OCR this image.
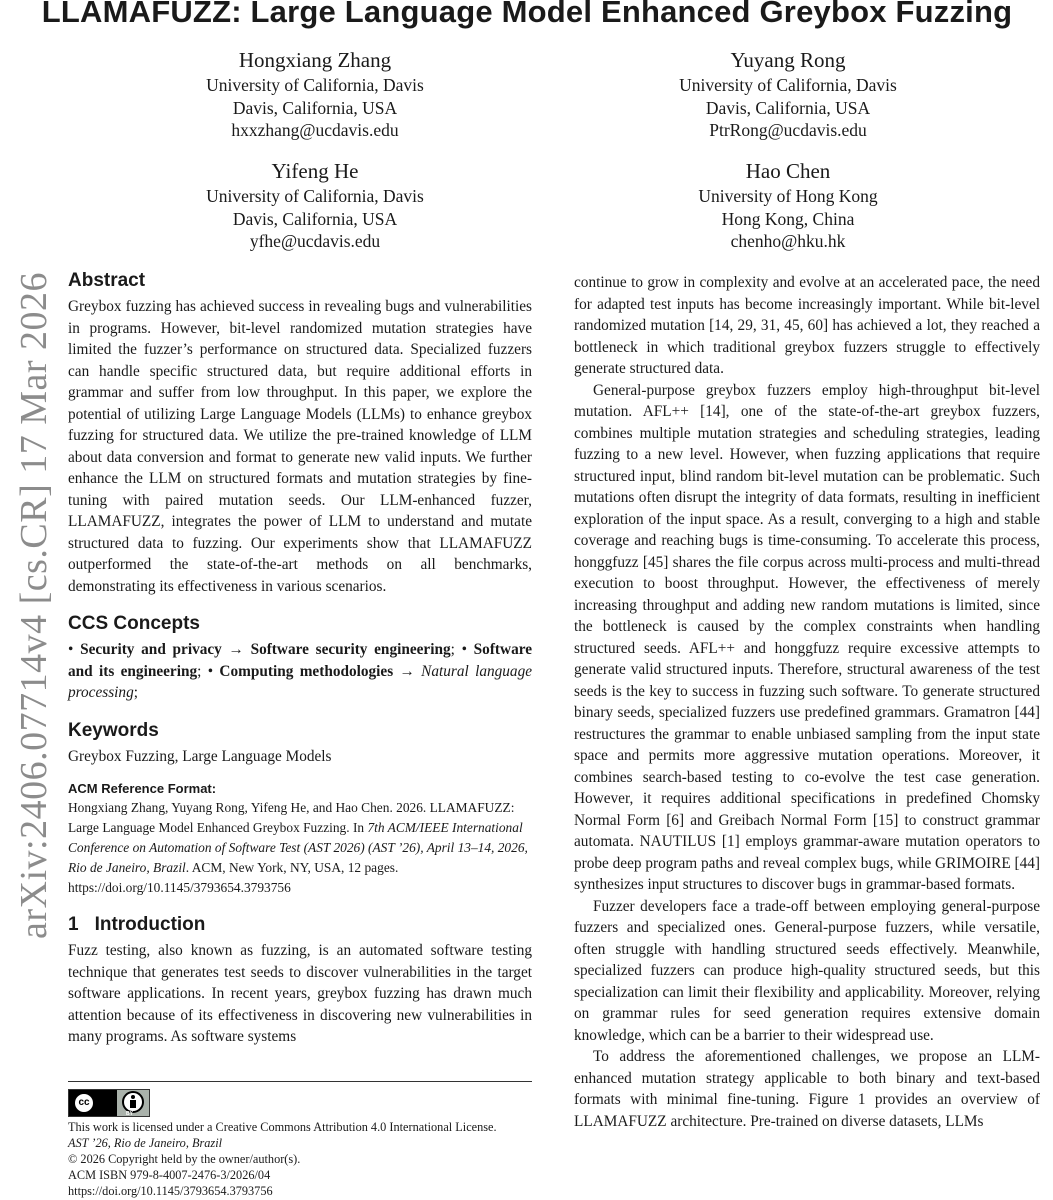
LLAMAFUZZ: Large Language Model Enhanced Greybox Fuzzing
Hongxiang Zhang
University of California, Davis
Davis, California, USA
hxxzhang@ucdavis.edu
Yuyang Rong
University of California, Davis
Davis, California, USA
PtrRong@ucdavis.edu
Yifeng He
University of California, Davis
Davis, California, USA
yfhe@ucdavis.edu
Hao Chen
University of Hong Kong
Hong Kong, China
chenho@hku.hk
arXiv:2406.07714v4 [cs.CR] 17 Mar 2026 Abstract

Greybox fuzzing has achieved success in revealing bugs and vulnerabilities in programs. However, bit-level randomized mutation strategies have limited the fuzzer’s performance on structured data. Specialized fuzzers can handle specific structured data, but require additional efforts in grammar and suffer from low throughput. In this paper, we explore the potential of utilizing Large Language Models (LLMs) to enhance greybox fuzzing for structured data. We utilize the pre-trained knowledge of LLM about data conversion and format to generate new valid inputs. We further enhance the LLM on structured formats and mutation strategies by fine-tuning with paired mutation seeds. Our LLM-enhanced fuzzer, LLAMAFUZZ, integrates the power of LLM to understand and mutate structured data to fuzzing. Our experiments show that LLAMAFUZZ outperformed the state-of-the-art methods on all benchmarks, demonstrating its effectiveness in various scenarios.

CCS Concepts

• Security and privacy → Software security engineering; • Software and its engineering; • Computing methodologies → Natural language processing;

Keywords

Greybox Fuzzing, Large Language Models

ACM Reference Format:

Hongxiang Zhang, Yuyang Rong, Yifeng He, and Hao Chen. 2026. LLAMAFUZZ: Large Language Model Enhanced Greybox Fuzzing. In 7th ACM/IEEE International Conference on Automation of Software Test (AST 2026) (AST ’26), April 13–14, 2026, Rio de Janeiro, Brazil. ACM, New York, NY, USA, 12 pages. https://doi.org/10.1145/3793654.3793756

1 Introduction

Fuzz testing, also known as fuzzing, is an automated software testing technique that generates test seeds to discover vulnerabilities in the target software applications. In recent years, greybox fuzzing has drawn much attention because of its effectiveness in discovering new vulnerabilities in many programs. As software systems

cc
BY
This work is licensed under a Creative Commons Attribution 4.0 International License.
AST ’26, Rio de Janeiro, Brazil
© 2026 Copyright held by the owner/author(s).
ACM ISBN 979-8-4007-2476-3/2026/04
https://doi.org/10.1145/3793654.3793756

continue to grow in complexity and evolve at an accelerated pace, the need for adapted test inputs has become increasingly important. While bit-level randomized mutation [14, 29, 31, 45, 60] has achieved a lot, they reached a bottleneck in which traditional greybox fuzzers struggle to effectively generate structured data.

General-purpose greybox fuzzers employ high-throughput bit-level mutation. AFL++ [14], one of the state-of-the-art greybox fuzzers, combines multiple mutation strategies and scheduling strategies, leading fuzzing to a new level. However, when fuzzing applications that require structured input, blind random bit-level mutation can be problematic. Such mutations often disrupt the integrity of data formats, resulting in inefficient exploration of the input space. As a result, converging to a high and stable coverage and reaching bugs is time-consuming. To accelerate this process, honggfuzz [45] shares the file corpus across multi-process and multi-thread execution to boost throughput. However, the effectiveness of merely increasing throughput and adding new random mutations is limited, since the bottleneck is caused by the complex constraints when handling structured seeds. AFL++ and honggfuzz require excessive attempts to generate valid structured inputs. Therefore, structural awareness of the test seeds is the key to success in fuzzing such software. To generate structured binary seeds, specialized fuzzers use predefined grammars. Gramatron [44] restructures the grammar to enable unbiased sampling from the input state space and permits more aggressive mutation operations. Moreover, it combines search-based testing to co-evolve the test case generation. However, it requires additional specifications in predefined Chomsky Normal Form [6] and Greibach Normal Form [15] to construct grammar automata. NAUTILUS [1] employs grammar-aware mutation operators to probe deep program paths and reveal complex bugs, while GRIMOIRE [44] synthesizes input structures to discover bugs in grammar-based formats.

Fuzzer developers face a trade-off between employing general-purpose fuzzers and specialized ones. General-purpose fuzzers, while versatile, often struggle with handling structured seeds effectively. Meanwhile, specialized fuzzers can produce high-quality structured seeds, but this specialization can limit their flexibility and applicability. Moreover, relying on grammar rules for seed generation requires extensive domain knowledge, which can be a barrier to their widespread use.

To address the aforementioned challenges, we propose an LLM-enhanced mutation strategy applicable to both binary and text-based formats with minimal fine-tuning. Figure 1 provides an overview of LLAMAFUZZ architecture. Pre-trained on diverse datasets, LLMs
